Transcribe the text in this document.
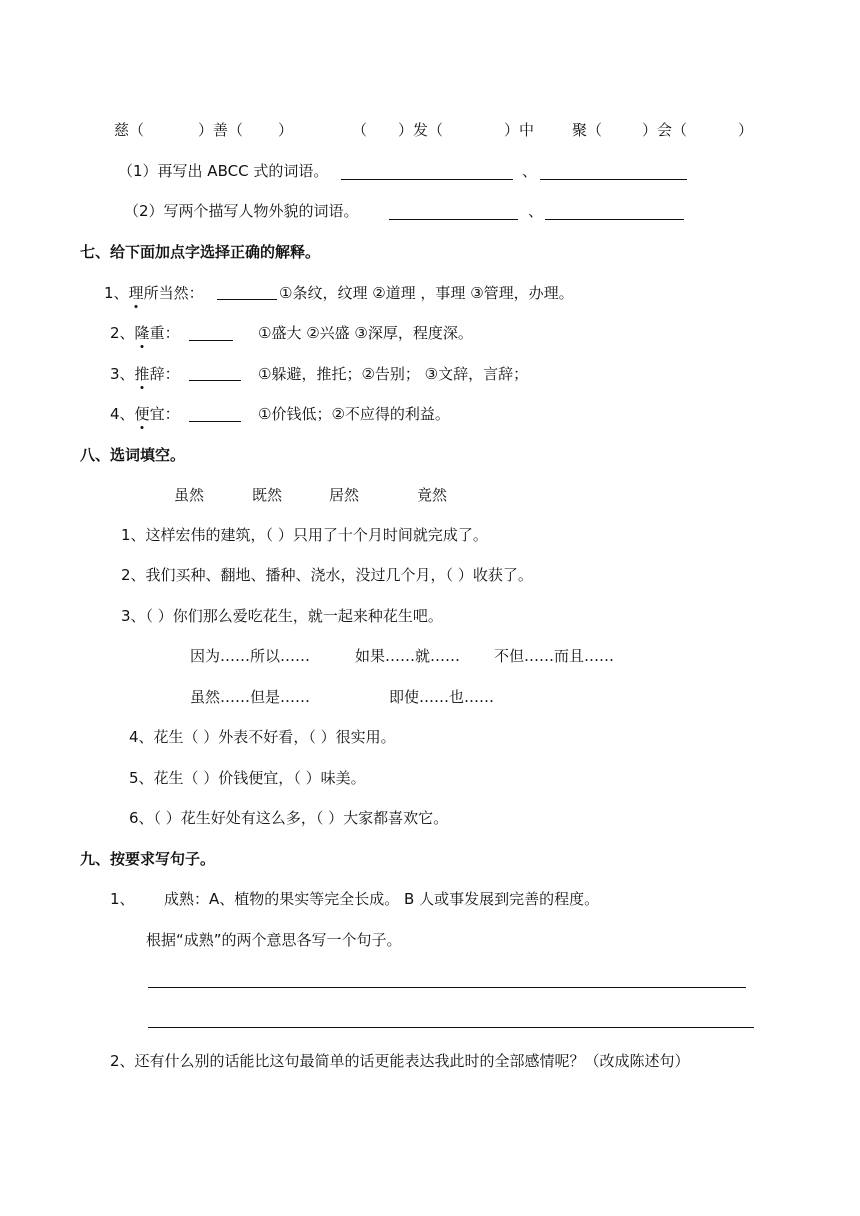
慈（	）善（ ）	（ ）发（	）中	聚（	）会（	）
（1）再写出 ABCC 式的词语。	、
（2）写两个描写人物外貌的词语。	、
七、给下面加点字选择正确的解释。
1、理所当然：	①条纹，纹理 ②道理 ，事理 ③管理，办理。
2、隆重：	①盛大 ②兴盛 ③深厚，程度深。
3、推辞：	①躲避，推托；②告别； ③文辞，言辞；
4、便宜：	①价钱低；②不应得的利益。
八、选词填空。
虽然	既然	居然	竟然
1、这样宏伟的建筑，（ ）只用了十个月时间就完成了。
2、我们买种、翻地、播种、浇水，没过几个月，（ ）收获了。
3、（ ）你们那么爱吃花生，就一起来种花生吧。
因为……所以……	如果……就…… 不但……而且……
虽然……但是……	即使……也……
4、花生（ ）外表不好看，（ ）很实用。
5、花生（ ）价钱便宜，（ ）味美。
6、（ ）花生好处有这么多，（ ）大家都喜欢它。
九、按要求写句子。
1、 成熟：A、植物的果实等完全长成。 B 人或事发展到完善的程度。
根据“成熟”的两个意思各写一个句子。
2、还有什么别的话能比这句最简单的话更能表达我此时的全部感情呢？（改成陈述句）
